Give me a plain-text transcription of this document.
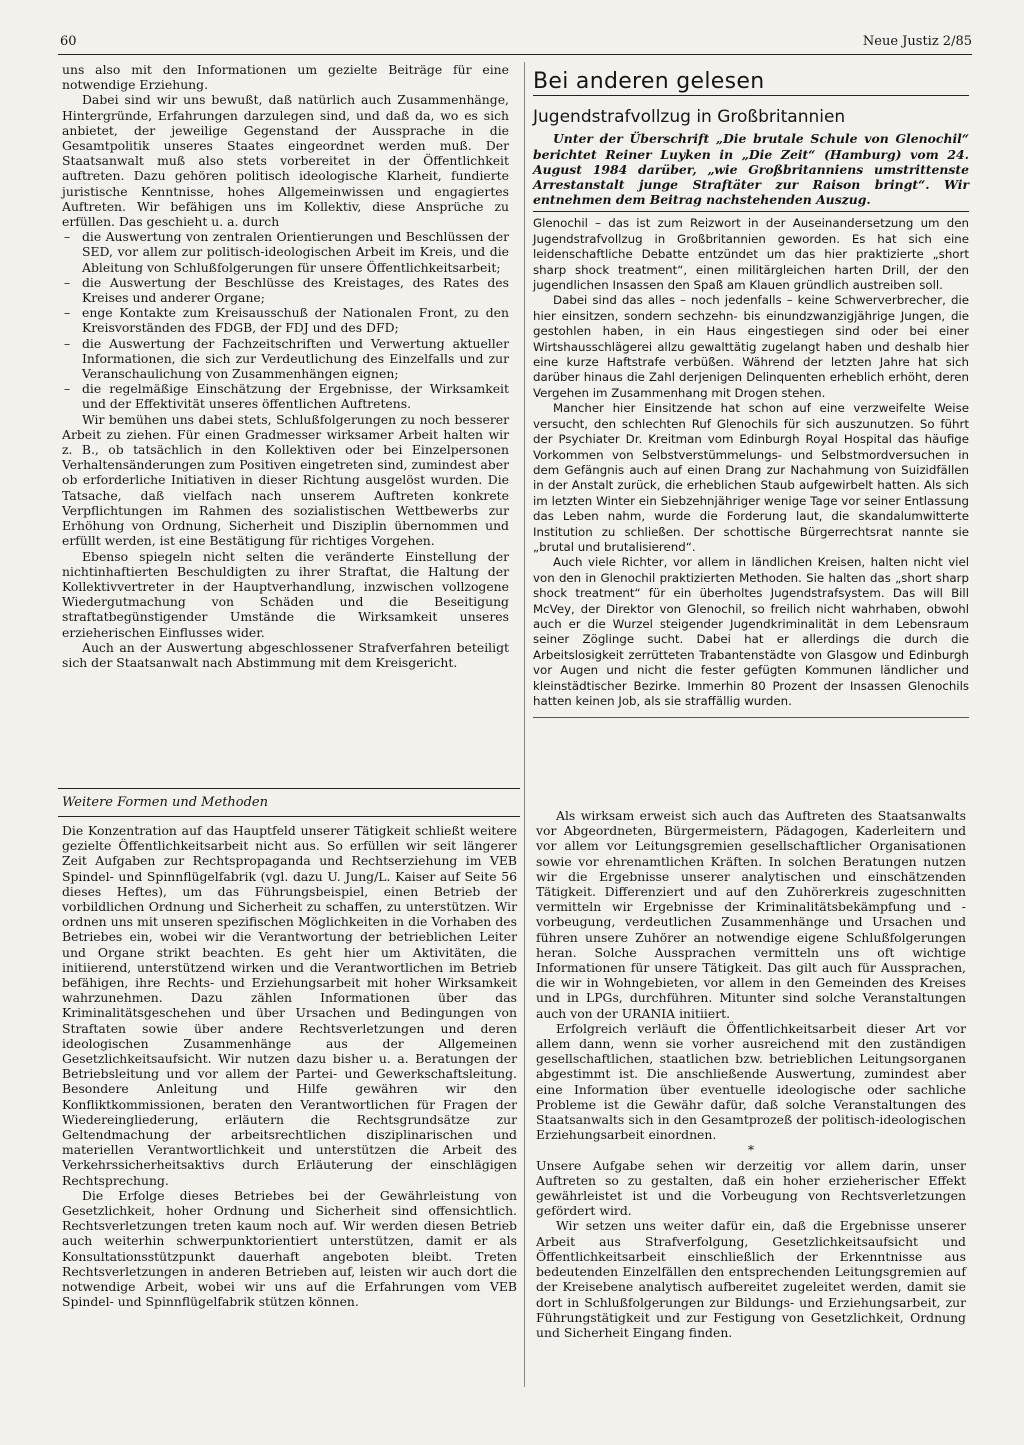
60	Neue Justiz 2/85

uns also mit den Informationen um gezielte Beiträge für eine notwendige Erziehung.

Dabei sind wir uns bewußt, daß natürlich auch Zusammenhänge, Hintergründe, Erfahrungen darzulegen sind, und daß da, wo es sich anbietet, der jeweilige Gegenstand der Aussprache in die Gesamtpolitik unseres Staates eingeordnet werden muß. Der Staatsanwalt muß also stets vorbereitet in der Öffentlichkeit auftreten. Dazu gehören politisch ideologische Klarheit, fundierte juristische Kenntnisse, hohes Allgemeinwissen und engagiertes Auftreten. Wir befähigen uns im Kollektiv, diese Ansprüche zu erfüllen. Das geschieht u. a. durch

– die Auswertung von zentralen Orientierungen und Beschlüssen der SED, vor allem zur politisch-ideologischen Arbeit im Kreis, und die Ableitung von Schlußfolgerungen für unsere Öffentlichkeitsarbeit;
– die Auswertung der Beschlüsse des Kreistages, des Rates des Kreises und anderer Organe;
– enge Kontakte zum Kreisausschuß der Nationalen Front, zu den Kreisvorständen des FDGB, der FDJ und des DFD;
– die Auswertung der Fachzeitschriften und Verwertung aktueller Informationen, die sich zur Verdeutlichung des Einzelfalls und zur Veranschaulichung von Zusammenhängen eignen;
– die regelmäßige Einschätzung der Ergebnisse, der Wirksamkeit und der Effektivität unseres öffentlichen Auftretens.

Wir bemühen uns dabei stets, Schlußfolgerungen zu noch besserer Arbeit zu ziehen. Für einen Gradmesser wirksamer Arbeit halten wir z. B., ob tatsächlich in den Kollektiven oder bei Einzelpersonen Verhaltensänderungen zum Positiven eingetreten sind, zumindest aber ob erforderliche Initiativen in dieser Richtung ausgelöst wurden. Die Tatsache, daß vielfach nach unserem Auftreten konkrete Verpflichtungen im Rahmen des sozialistischen Wettbewerbs zur Erhöhung von Ordnung, Sicherheit und Disziplin übernommen und erfüllt werden, ist eine Bestätigung für richtiges Vorgehen.

Ebenso spiegeln nicht selten die veränderte Einstellung der nichtinhaftierten Beschuldigten zu ihrer Straftat, die Haltung der Kollektivvertreter in der Hauptverhandlung, inzwischen vollzogene Wiedergutmachung von Schäden und die Beseitigung straftatbegünstigender Umstände die Wirksamkeit unseres erzieherischen Einflusses wider.

Auch an der Auswertung abgeschlossener Strafverfahren beteiligt sich der Staatsanwalt nach Abstimmung mit dem Kreisgericht.

Weitere Formen und Methoden

Die Konzentration auf das Hauptfeld unserer Tätigkeit schließt weitere gezielte Öffentlichkeitsarbeit nicht aus. So erfüllen wir seit längerer Zeit Aufgaben zur Rechtspropaganda und Rechtserziehung im VEB Spindel- und Spinnflügelfabrik (vgl. dazu U. Jung/L. Kaiser auf Seite 56 dieses Heftes), um das Führungsbeispiel, einen Betrieb der vorbildlichen Ordnung und Sicherheit zu schaffen, zu unterstützen. Wir ordnen uns mit unseren spezifischen Möglichkeiten in die Vorhaben des Betriebes ein, wobei wir die Verantwortung der betrieblichen Leiter und Organe strikt beachten. Es geht hier um Aktivitäten, die initiierend, unterstützend wirken und die Verantwortlichen im Betrieb befähigen, ihre Rechts- und Erziehungsarbeit mit hoher Wirksamkeit wahrzunehmen. Dazu zählen Informationen über das Kriminalitätsgeschehen und über Ursachen und Bedingungen von Straftaten sowie über andere Rechtsverletzungen und deren ideologischen Zusammenhänge aus der Allgemeinen Gesetzlichkeitsaufsicht. Wir nutzen dazu bisher u. a. Beratungen der Betriebsleitung und vor allem der Partei- und Gewerkschaftsleitung. Besondere Anleitung und Hilfe gewähren wir den Konfliktkommissionen, beraten den Verantwortlichen für Fragen der Wiedereingliederung, erläutern die Rechtsgrundsätze zur Geltendmachung der arbeitsrechtlichen disziplinarischen und materiellen Verantwortlichkeit und unterstützen die Arbeit des Verkehrssicherheitsaktivs durch Erläuterung der einschlägigen Rechtsprechung.

Die Erfolge dieses Betriebes bei der Gewährleistung von Gesetzlichkeit, hoher Ordnung und Sicherheit sind offensichtlich. Rechtsverletzungen treten kaum noch auf. Wir werden diesen Betrieb auch weiterhin schwerpunktorientiert unterstützen, damit er als Konsultationsstützpunkt dauerhaft angeboten bleibt. Treten Rechtsverletzungen in anderen Betrieben auf, leisten wir auch dort die notwendige Arbeit, wobei wir uns auf die Erfahrungen vom VEB Spindel- und Spinnflügelfabrik stützen können.

Bei anderen gelesen
Jugendstrafvollzug in Großbritannien

Unter der Überschrift „Die brutale Schule von Glenochil“ berichtet Reiner Luyken in „Die Zeit“ (Hamburg) vom 24. August 1984 darüber, „wie Großbritanniens umstrittenste Arrestanstalt junge Straftäter zur Raison bringt“. Wir entnehmen dem Beitrag nachstehenden Auszug.

Glenochil – das ist zum Reizwort in der Auseinandersetzung um den Jugendstrafvollzug in Großbritannien geworden. Es hat sich eine leidenschaftliche Debatte entzündet um das hier praktizierte „short sharp shock treatment“, einen militärgleichen harten Drill, der den jugendlichen Insassen den Spaß am Klauen gründlich austreiben soll.

Dabei sind das alles – noch jedenfalls – keine Schwerverbrecher, die hier einsitzen, sondern sechzehn- bis einundzwanzigjährige Jungen, die gestohlen haben, in ein Haus eingestiegen sind oder bei einer Wirtshausschlägerei allzu gewalttätig zugelangt haben und deshalb hier eine kurze Haftstrafe verbüßen. Während der letzten Jahre hat sich darüber hinaus die Zahl derjenigen Delinquenten erheblich erhöht, deren Vergehen im Zusammenhang mit Drogen stehen.

Mancher hier Einsitzende hat schon auf eine verzweifelte Weise versucht, den schlechten Ruf Glenochils für sich auszunutzen. So führt der Psychiater Dr. Kreitman vom Edinburgh Royal Hospital das häufige Vorkommen von Selbstverstümmelungs- und Selbstmordversuchen in dem Gefängnis auch auf einen Drang zur Nachahmung von Suizidfällen in der Anstalt zurück, die erheblichen Staub aufgewirbelt hatten. Als sich im letzten Winter ein Siebzehnjähriger wenige Tage vor seiner Entlassung das Leben nahm, wurde die Forderung laut, die skandalumwitterte Institution zu schließen. Der schottische Bürgerrechtsrat nannte sie „brutal und brutalisierend“.

Auch viele Richter, vor allem in ländlichen Kreisen, halten nicht viel von den in Glenochil praktizierten Methoden. Sie halten das „short sharp shock treatment“ für ein überholtes Jugendstrafsystem. Das will Bill McVey, der Direktor von Glenochil, so freilich nicht wahrhaben, obwohl auch er die Wurzel steigender Jugendkriminalität in dem Lebensraum seiner Zöglinge sucht. Dabei hat er allerdings die durch die Arbeitslosigkeit zerrütteten Trabantenstädte von Glasgow und Edinburgh vor Augen und nicht die fester gefügten Kommunen ländlicher und kleinstädtischer Bezirke. Immerhin 80 Prozent der Insassen Glenochils hatten keinen Job, als sie straffällig wurden.

Als wirksam erweist sich auch das Auftreten des Staatsanwalts vor Abgeordneten, Bürgermeistern, Pädagogen, Kaderleitern und vor allem vor Leitungsgremien gesellschaftlicher Organisationen sowie vor ehrenamtlichen Kräften. In solchen Beratungen nutzen wir die Ergebnisse unserer analytischen und einschätzenden Tätigkeit. Differenziert und auf den Zuhörerkreis zugeschnitten vermitteln wir Ergebnisse der Kriminalitätsbekämpfung und -vorbeugung, verdeutlichen Zusammenhänge und Ursachen und führen unsere Zuhörer an notwendige eigene Schlußfolgerungen heran. Solche Aussprachen vermitteln uns oft wichtige Informationen für unsere Tätigkeit. Das gilt auch für Aussprachen, die wir in Wohngebieten, vor allem in den Gemeinden des Kreises und in LPGs, durchführen. Mitunter sind solche Veranstaltungen auch von der URANIA initiiert.

Erfolgreich verläuft die Öffentlichkeitsarbeit dieser Art vor allem dann, wenn sie vorher ausreichend mit den zuständigen gesellschaftlichen, staatlichen bzw. betrieblichen Leitungsorganen abgestimmt ist. Die anschließende Auswertung, zumindest aber eine Information über eventuelle ideologische oder sachliche Probleme ist die Gewähr dafür, daß solche Veranstaltungen des Staatsanwalts sich in den Gesamtprozeß der politisch-ideologischen Erziehungsarbeit einordnen.

*

Unsere Aufgabe sehen wir derzeitig vor allem darin, unser Auftreten so zu gestalten, daß ein hoher erzieherischer Effekt gewährleistet ist und die Vorbeugung von Rechtsverletzungen gefördert wird.

Wir setzen uns weiter dafür ein, daß die Ergebnisse unserer Arbeit aus Strafverfolgung, Gesetzlichkeitsaufsicht und Öffentlichkeitsarbeit einschließlich der Erkenntnisse aus bedeutenden Einzelfällen den entsprechenden Leitungsgremien auf der Kreisebene analytisch aufbereitet zugeleitet werden, damit sie dort in Schlußfolgerungen zur Bildungs- und Erziehungsarbeit, zur Führungstätigkeit und zur Festigung von Gesetzlichkeit, Ordnung und Sicherheit Eingang finden.
